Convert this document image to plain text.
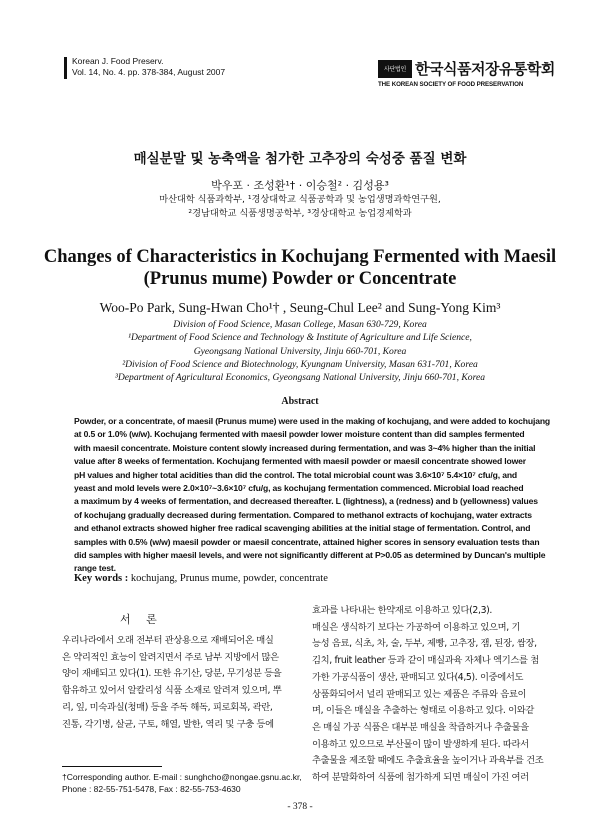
Korean J. Food Preserv.
Vol. 14, No. 4. pp. 378-384, August 2007	사단법인 한국식품저장유통학회
THE KOREAN SOCIETY OF FOOD PRESERVATION
매실분말 및 농축액을 첨가한 고추장의 숙성중 품질 변화
박우포 · 조성환¹† · 이승철² · 김성용³
마산대학 식품과학부, ¹경상대학교 식품공학과 및 농업생명과학연구원,
²경남대학교 식품생명공학부, ³경상대학교 농업경제학과
Changes of Characteristics in Kochujang Fermented with Maesil
(Prunus mume) Powder or Concentrate
Woo-Po Park, Sung-Hwan Cho¹† , Seung-Chul Lee² and Sung-Yong Kim³
Division of Food Science, Masan College, Masan 630-729, Korea
¹Department of Food Science and Technology & Institute of Agriculture and Life Science,
Gyeongsang National University, Jinju 660-701, Korea
²Division of Food Science and Biotechnology, Kyungnam University, Masan 631-701, Korea
³Department of Agricultural Economics, Gyeongsang National University, Jinju 660-701, Korea
Abstract
Powder, or a concentrate, of maesil (Prunus mume) were used in the making of kochujang, and were added to kochujang
at 0.5 or 1.0% (w/w). Kochujang fermented with maesil powder lower moisture content than did samples fermented
with maesil concentrate. Moisture content slowly increased during fermentation, and was 3~4% higher than the initial
value after 8 weeks of fermentation. Kochujang fermented with maesil powder or maesil concentrate showed lower
pH values and higher total acidities than did the control. The total microbial count was 3.6×10⁷ 5.4×10⁷ cfu/g, and
yeast and mold levels were 2.0×10⁷~3.6×10⁷ cfu/g, as kochujang fermentation commenced. Microbial load reached
a maximum by 4 weeks of fermentation, and decreased thereafter. L (lightness), a (redness) and b (yellowness) values
of kochujang gradually decreased during fermentation. Compared to methanol extracts of kochujang, water extracts
and ethanol extracts showed higher free radical scavenging abilities at the initial stage of fermentation. Control, and
samples with 0.5% (w/w) maesil powder or maesil concentrate, attained higher scores in sensory evaluation tests than
did samples with higher maesil levels, and were not significantly different at P>0.05 as determined by Duncan's multiple
range test.
Key words : kochujang, Prunus mume, powder, concentrate
서 론
우리나라에서 오래 전부터 관상용으로 재배되어온 매실
은 약리적인 효능이 알려지면서 주로 남부 지방에서 많은
양이 재배되고 있다(1). 또한 유기산, 당분, 무기성분 등을
함유하고 있어서 알칼리성 식품 소재로 알려져 있으며, 뿌
리, 잎, 미숙과실(청매) 등을 주독 해독, 피로회복, 곽란,
진통, 각기병, 살균, 구토, 해열, 발한, 역리 및 구충 등에
효과를 나타내는 한약재로 이용하고 있다(2,3).
매실은 생식하기 보다는 가공하여 이용하고 있으며, 기
능성 음료, 식초, 차, 술, 두부, 제빵, 고추장, 잼, 된장, 쌈장,
김치, fruit leather 등과 같이 매실과육 자체나 엑기스를 첨
가한 가공식품이 생산, 판매되고 있다(4,5). 이중에서도
상품화되어서 널리 판매되고 있는 제품은 주류와 음료이
며, 이들은 매실을 추출하는 형태로 이용하고 있다. 이와같
은 매실 가공 식품은 대부분 매실을 착즙하거나 추출물을
이용하고 있으므로 부산물이 많이 발생하게 된다. 따라서
추출물을 제조할 때에도 추출효율을 높이거나 과육부를 건조
하여 분말화하여 식품에 첨가하게 되면 매실이 가진 여러
†Corresponding author. E-mail : sunghcho@nongae.gsnu.ac.kr,
Phone : 82-55-751-5478, Fax : 82-55-753-4630
- 378 -
